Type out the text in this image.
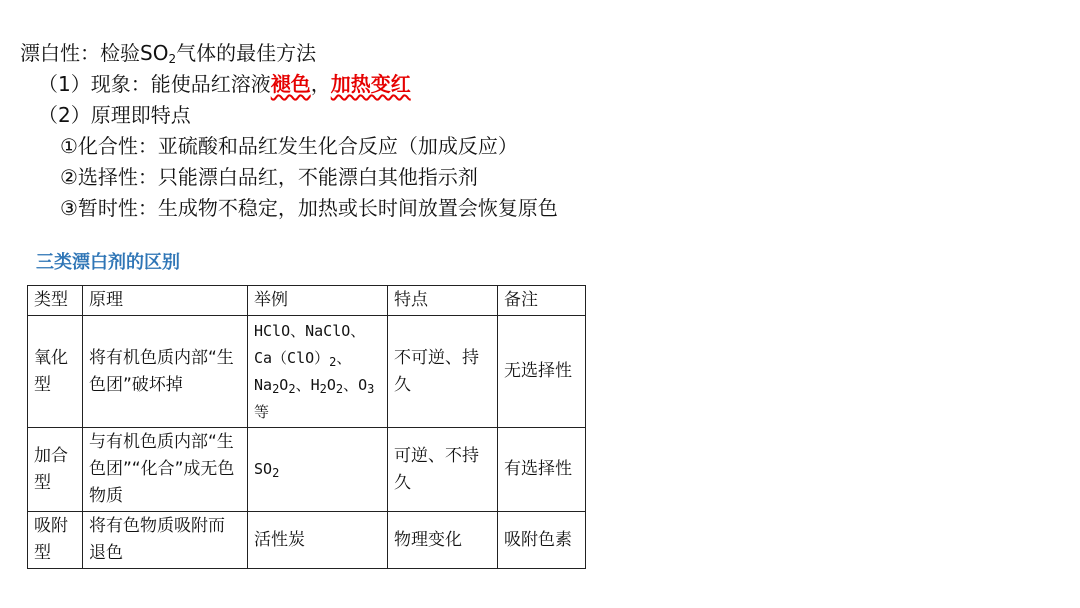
漂白性：检验$SO_2$气体的最佳方法
（1）现象：能使品红溶液褪色，加热变红
（2）原理即特点
①化合性：亚硫酸和品红发生化合反应（加成反应）
②选择性：只能漂白品红，不能漂白其他指示剂
③暂时性：生成物不稳定，加热或长时间放置会恢复原色
三类漂白剂的区别
类型	原理	举例	特点	备注
氧化型	将有机色质内部“生色团”破坏掉	HClO、NaClO、$Ca(ClO)_2$、$Na_2O_2$、$H_2O_2$、$O_3$等	不可逆、持久	无选择性
加合型	与有机色质内部“生色团”“化合”成无色物质	$SO_2$	可逆、不持久	有选择性
吸附型	将有色物质吸附而退色	活性炭	物理变化	吸附色素
